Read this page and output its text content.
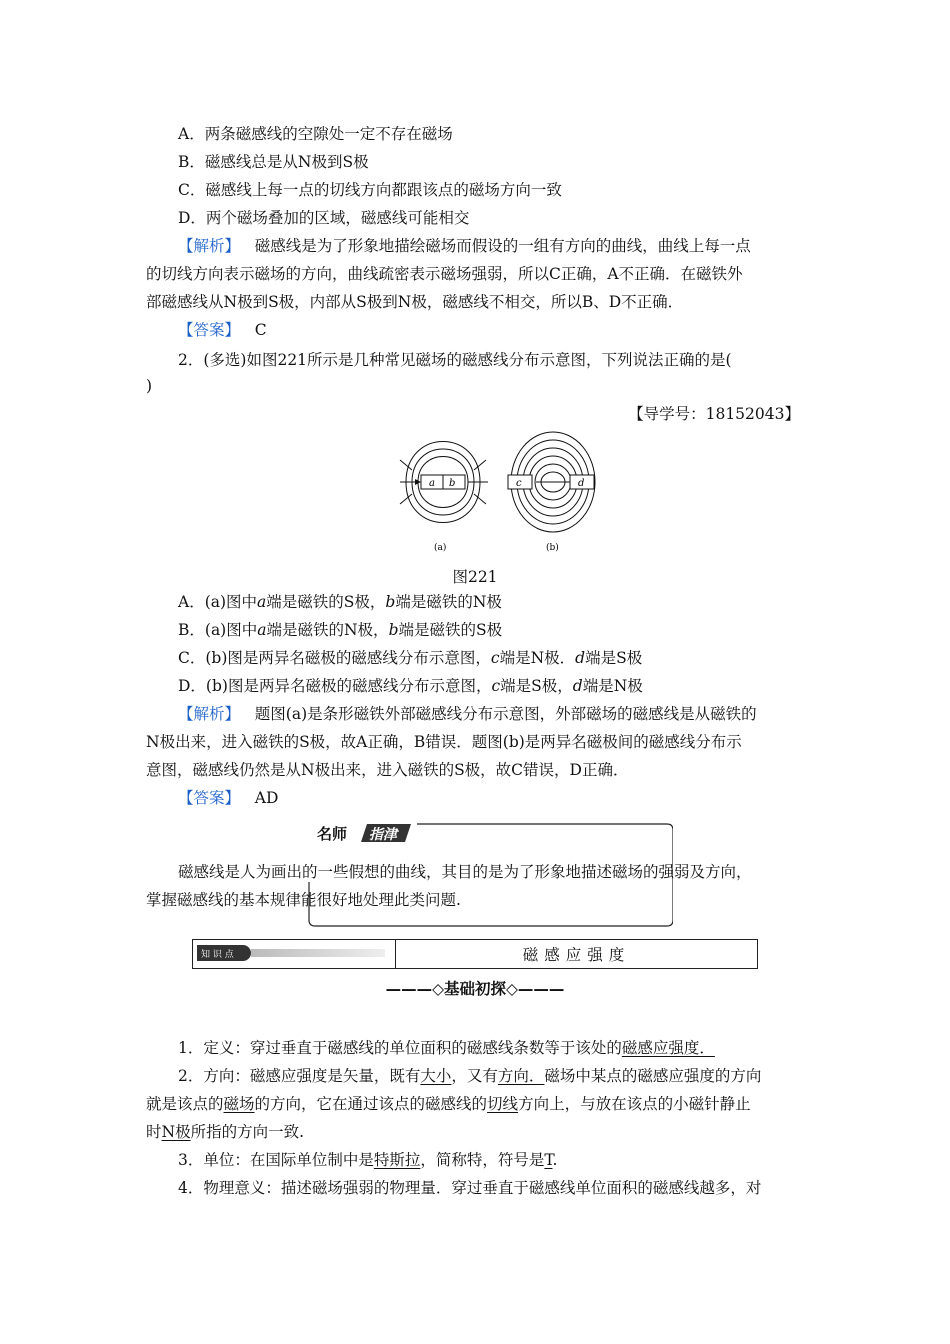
A．两条磁感线的空隙处一定不存在磁场
B．磁感线总是从N极到S极
C．磁感线上每一点的切线方向都跟该点的磁场方向一致
D．两个磁场叠加的区域，磁感线可能相交
【解析】 磁感线是为了形象地描绘磁场而假设的一组有方向的曲线，曲线上每一点
的切线方向表示磁场的方向，曲线疏密表示磁场强弱，所以C正确，A不正确．在磁铁外
部磁感线从N极到S极，内部从S极到N极，磁感线不相交，所以B、D不正确．
【答案】 C
2．(多选)如图221所示是几种常见磁场的磁感线分布示意图，下列说法正确的是(
)
【导学号：18152043】
a b	c	d
(a)	(b)
图221
A．(a)图中a端是磁铁的S极，b端是磁铁的N极
B．(a)图中a端是磁铁的N极，b端是磁铁的S极
C．(b)图是两异名磁极的磁感线分布示意图，c端是N极．d端是S极
D．(b)图是两异名磁极的磁感线分布示意图，c端是S极，d端是N极
【解析】 题图(a)是条形磁铁外部磁感线分布示意图，外部磁场的磁感线是从磁铁的
N极出来，进入磁铁的S极，故A正确，B错误．题图(b)是两异名磁极间的磁感线分布示
意图，磁感线仍然是从N极出来，进入磁铁的S极，故C错误，D正确．
【答案】 AD
名师 指津
磁感线是人为画出的一些假想的曲线，其目的是为了形象地描述磁场的强弱及方向，
掌握磁感线的基本规律能很好地处理此类问题.
知 识 点	磁感应强度
———◇基础初探◇———
1．定义：穿过垂直于磁感线的单位面积的磁感线条数等于该处的磁感应强度．
2．方向：磁感应强度是矢量，既有大小，又有方向．磁场中某点的磁感应强度的方向
就是该点的磁场的方向，它在通过该点的磁感线的切线方向上，与放在该点的小磁针静止
时N极所指的方向一致.
3．单位：在国际单位制中是特斯拉，简称特，符号是T.
4．物理意义：描述磁场强弱的物理量．穿过垂直于磁感线单位面积的磁感线越多，对
